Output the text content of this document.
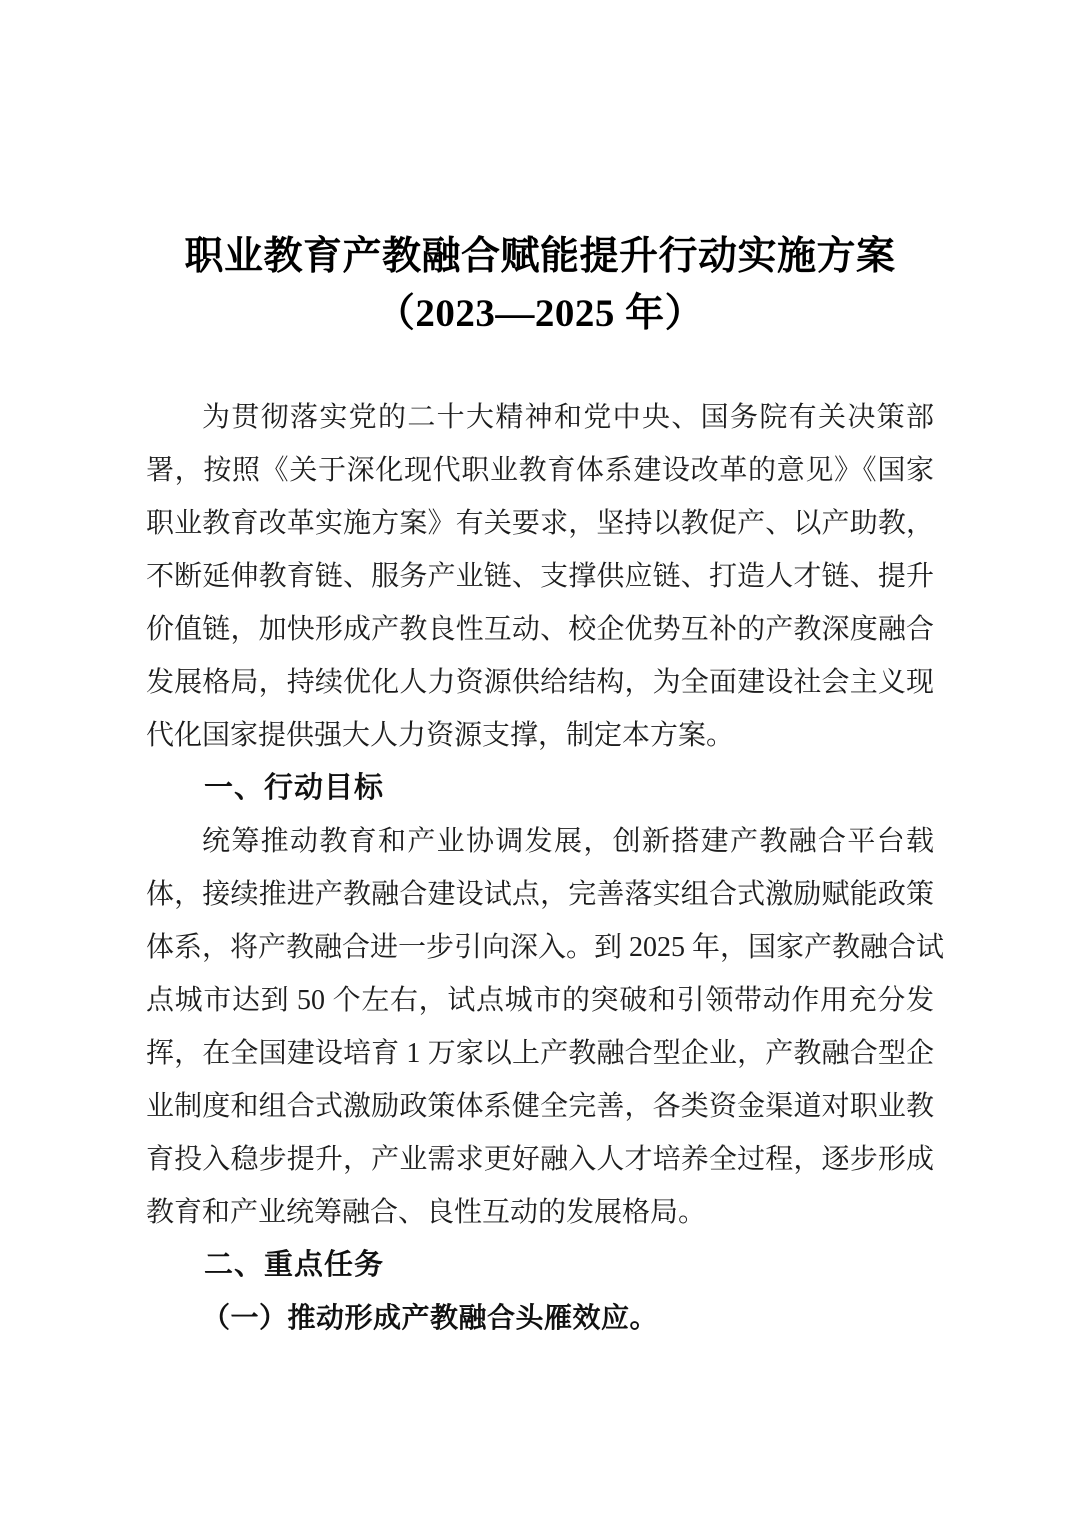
职业教育产教融合赋能提升行动实施方案
（2023—2025 年）
为贯彻落实党的二十大精神和党中央、国务院有关决策部
署，按照《关于深化现代职业教育体系建设改革的意见》《国家
职业教育改革实施方案》有关要求，坚持以教促产、以产助教，
不断延伸教育链、服务产业链、支撑供应链、打造人才链、提升
价值链，加快形成产教良性互动、校企优势互补的产教深度融合
发展格局，持续优化人力资源供给结构，为全面建设社会主义现
代化国家提供强大人力资源支撑，制定本方案。
一、行动目标
统筹推动教育和产业协调发展，创新搭建产教融合平台载
体，接续推进产教融合建设试点，完善落实组合式激励赋能政策
体系，将产教融合进一步引向深入。到 2025 年，国家产教融合试
点城市达到 50 个左右，试点城市的突破和引领带动作用充分发
挥，在全国建设培育 1 万家以上产教融合型企业，产教融合型企
业制度和组合式激励政策体系健全完善，各类资金渠道对职业教
育投入稳步提升，产业需求更好融入人才培养全过程，逐步形成
教育和产业统筹融合、良性互动的发展格局。
二、重点任务
（一）推动形成产教融合头雁效应。
